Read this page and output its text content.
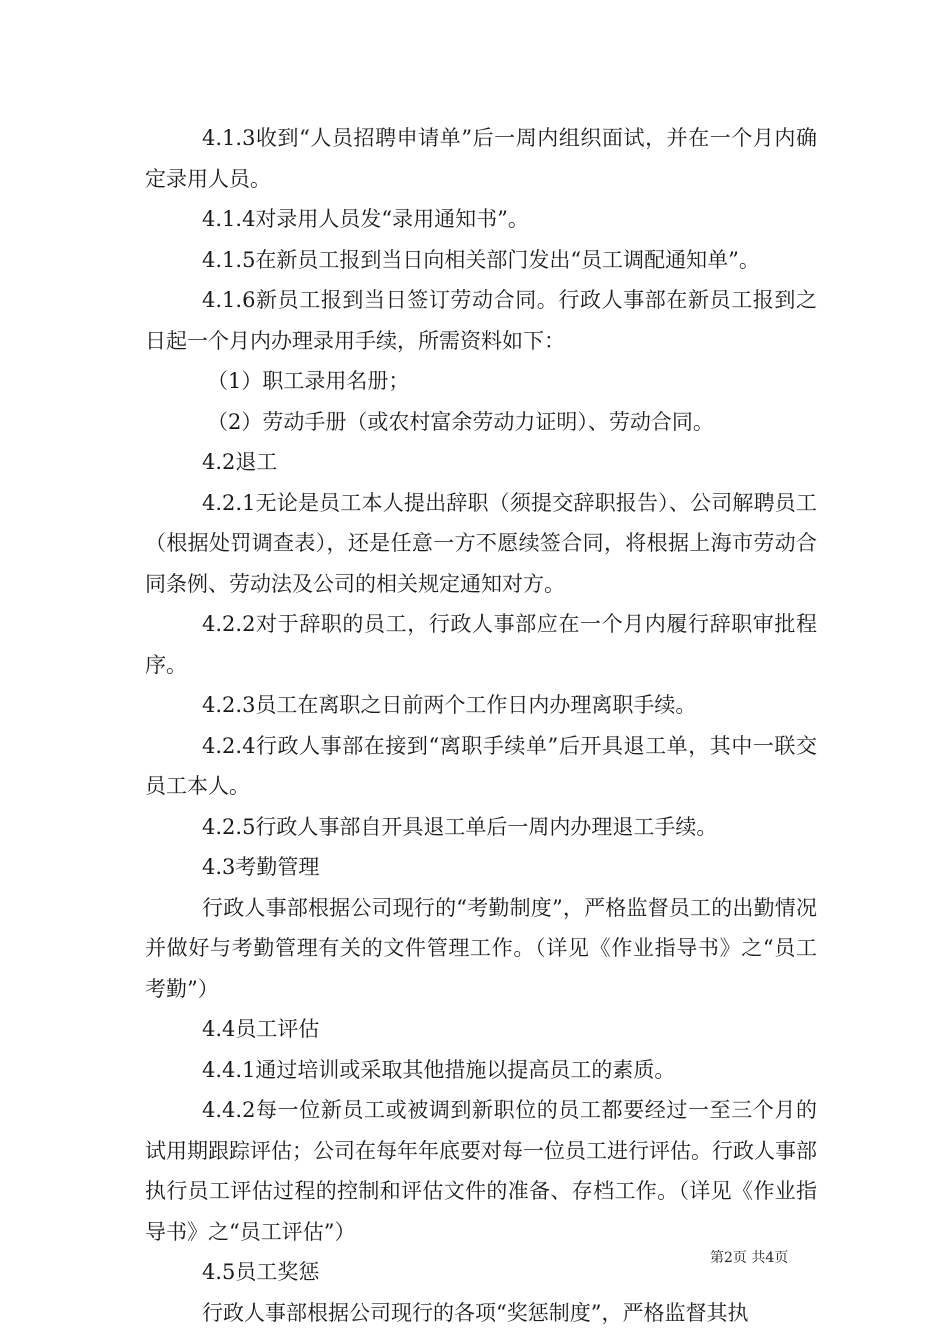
4.1.3收到“人员招聘申请单”后一周内组织面试，并在一个月内确定录用人员。

4.1.4对录用人员发“录用通知书”。

4.1.5在新员工报到当日向相关部门发出“员工调配通知单”。

4.1.6新员工报到当日签订劳动合同。行政人事部在新员工报到之日起一个月内办理录用手续，所需资料如下：

（1）职工录用名册；

（2）劳动手册（或农村富余劳动力证明）、劳动合同。

4.2退工

4.2.1无论是员工本人提出辞职（须提交辞职报告）、公司解聘员工（根据处罚调查表），还是任意一方不愿续签合同，将根据上海市劳动合同条例、劳动法及公司的相关规定通知对方。

4.2.2对于辞职的员工，行政人事部应在一个月内履行辞职审批程序。

4.2.3员工在离职之日前两个工作日内办理离职手续。

4.2.4行政人事部在接到“离职手续单”后开具退工单，其中一联交员工本人。

4.2.5行政人事部自开具退工单后一周内办理退工手续。

4.3考勤管理

行政人事部根据公司现行的“考勤制度”，严格监督员工的出勤情况并做好与考勤管理有关的文件管理工作。（详见《作业指导书》之“员工考勤”）

4.4员工评估

4.4.1通过培训或采取其他措施以提高员工的素质。

4.4.2每一位新员工或被调到新职位的员工都要经过一至三个月的试用期跟踪评估；公司在每年年底要对每一位员工进行评估。行政人事部执行员工评估过程的控制和评估文件的准备、存档工作。（详见《作业指导书》之“员工评估”）

4.5员工奖惩

行政人事部根据公司现行的各项“奖惩制度”，严格监督其执

第2页 共4页
